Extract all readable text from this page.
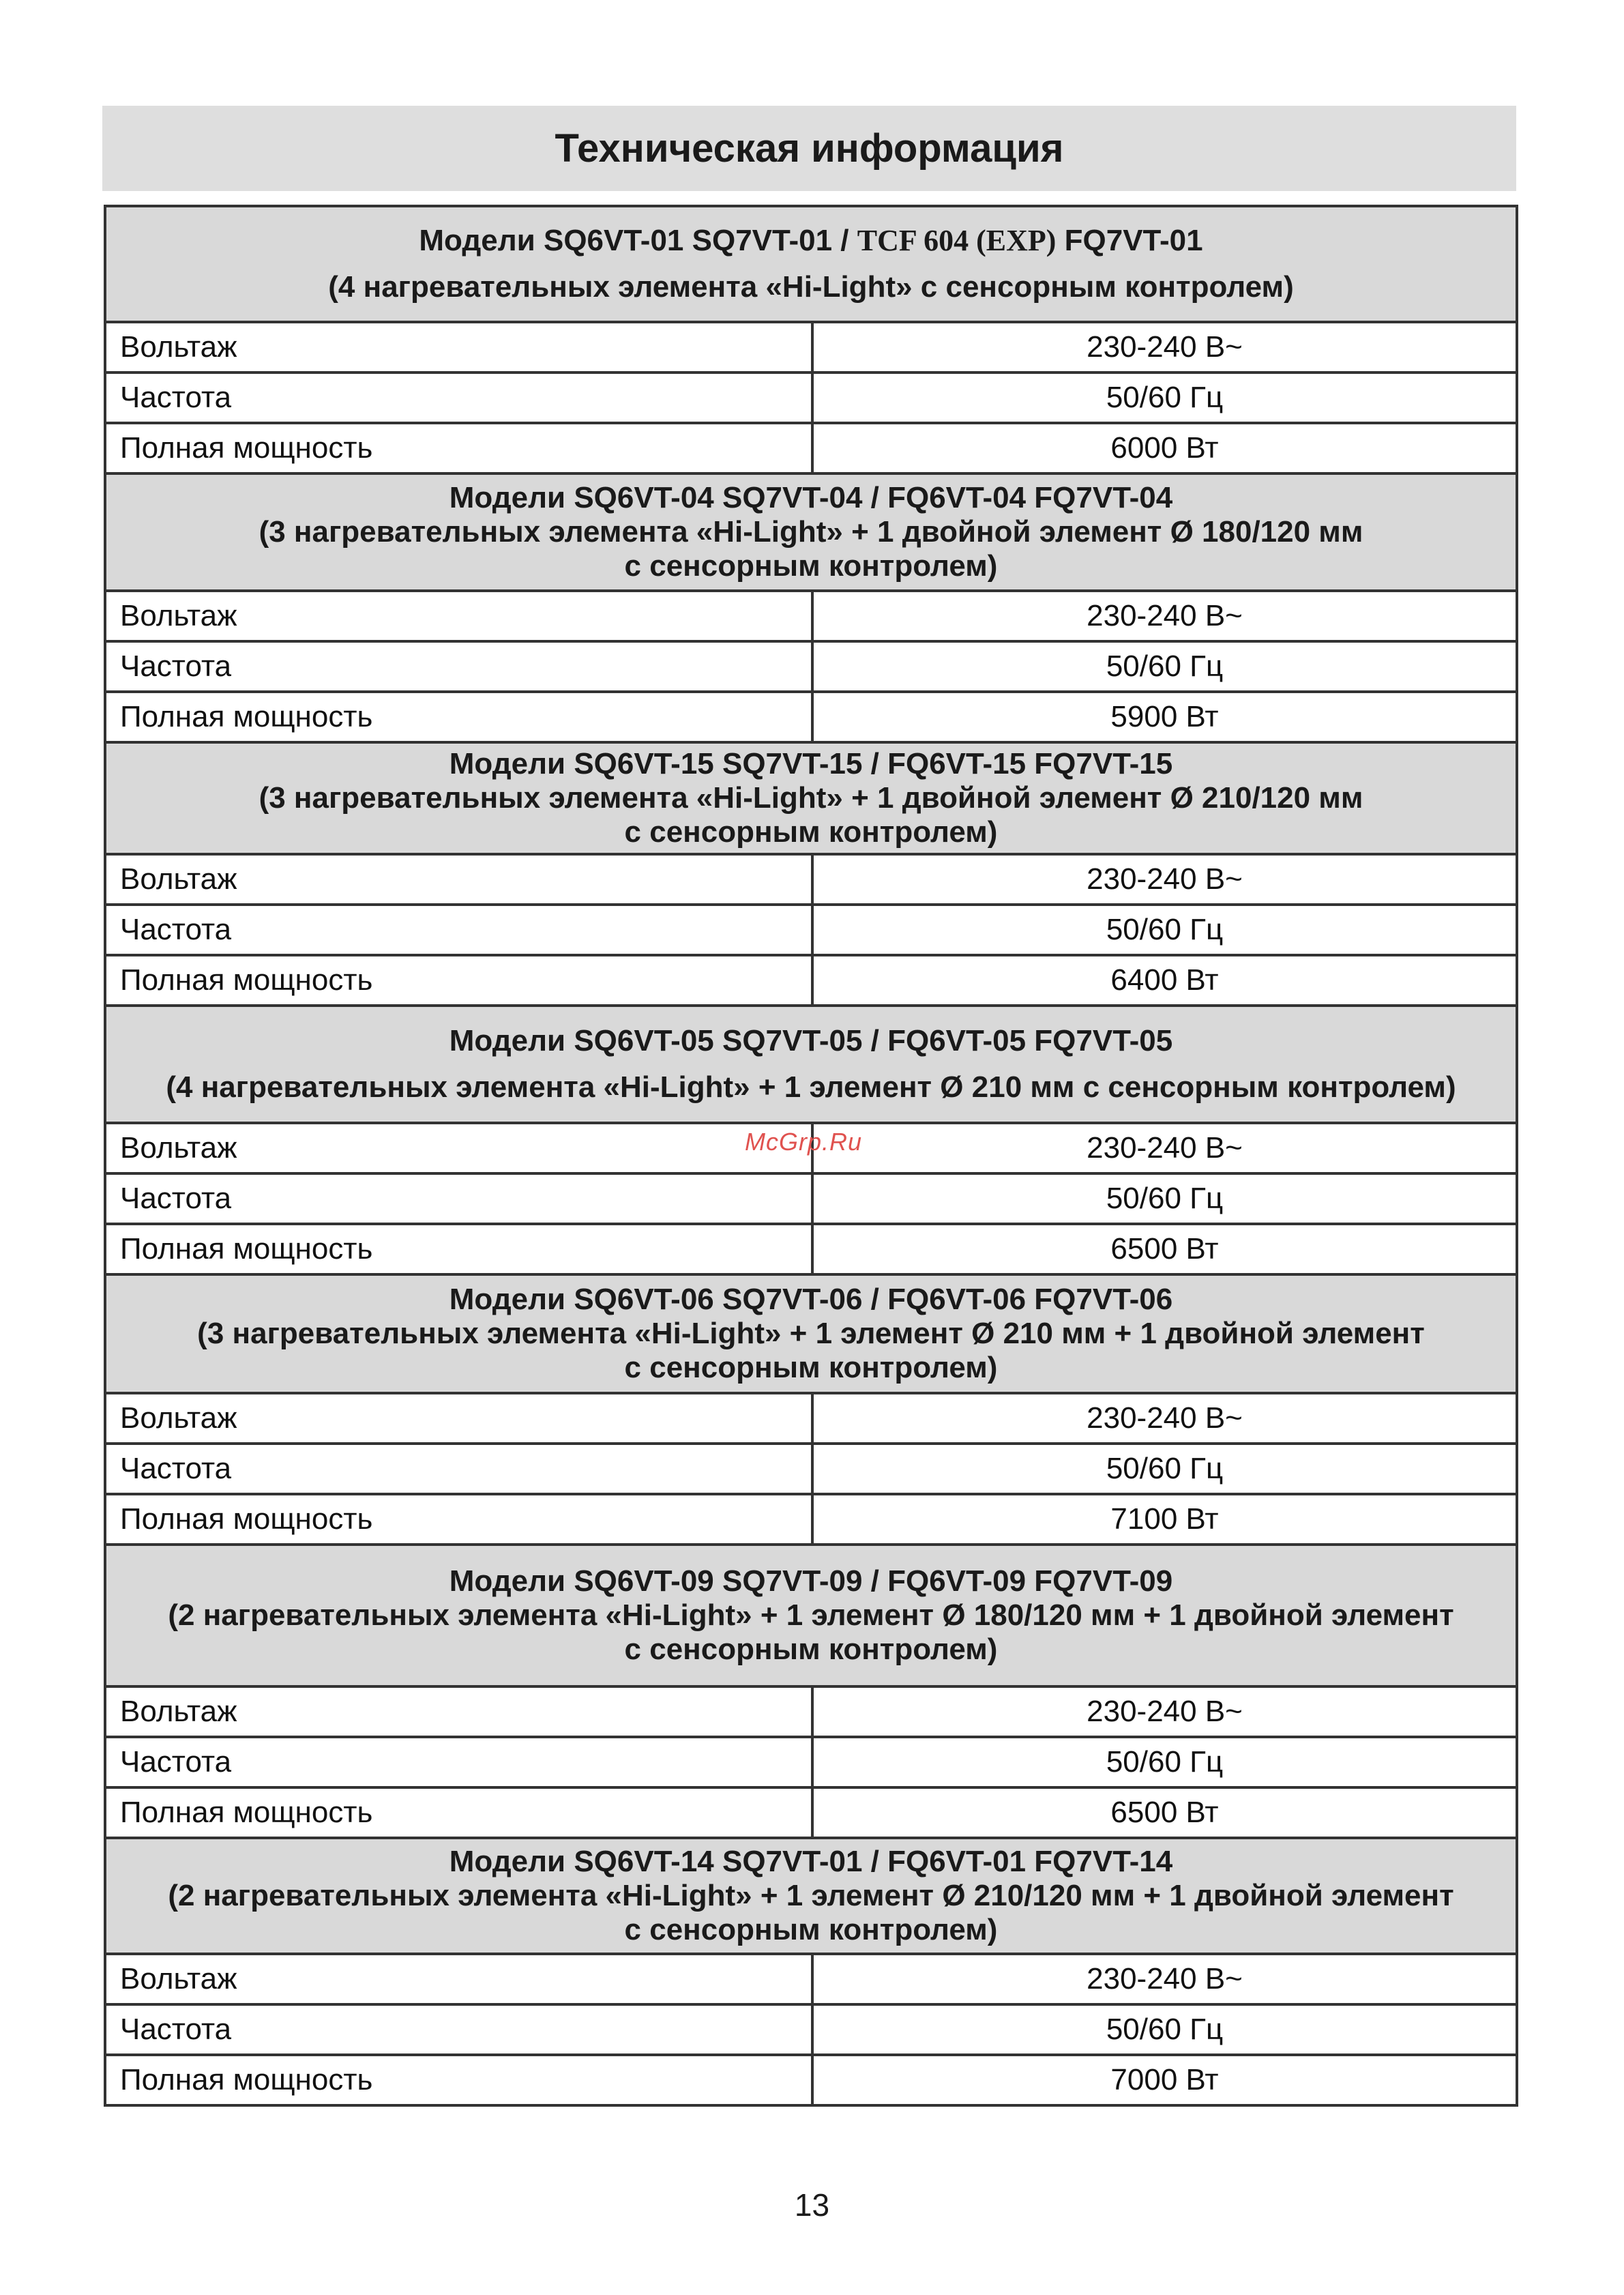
Техническая информация
Модели SQ6VT-01 SQ7VT-01 / TCF 604 (EXP) FQ7VT-01
(4 нагревательных элемента «Hi-Light» с сенсорным контролем)	

Вольтаж	230-240 В~
Частота	50/60 Гц
Полная мощность	6000 Вт

Модели SQ6VT-04 SQ7VT-04 / FQ6VT-04 FQ7VT-04
(3 нагревательных элемента «Hi-Light» + 1 двойной элемент Ø 180/120 мм
с сенсорным контролем)	

Вольтаж	230-240 В~
Частота	50/60 Гц
Полная мощность	5900 Вт

Модели SQ6VT-15 SQ7VT-15 / FQ6VT-15 FQ7VT-15
(3 нагревательных элемента «Hi-Light» + 1 двойной элемент Ø 210/120 мм
с сенсорным контролем)	

Вольтаж	230-240 В~
Частота	50/60 Гц
Полная мощность	6400 Вт

Модели SQ6VT-05 SQ7VT-05 / FQ6VT-05 FQ7VT-05
(4 нагревательных элемента «Hi-Light» + 1 элемент Ø 210 мм с сенсорным контролем)	

Вольтаж	230-240 В~
Частота	50/60 Гц
Полная мощность	6500 Вт

Модели SQ6VT-06 SQ7VT-06 / FQ6VT-06 FQ7VT-06
(3 нагревательных элемента «Hi-Light» + 1 элемент Ø 210 мм + 1 двойной элемент
с сенсорным контролем)	

Вольтаж	230-240 В~
Частота	50/60 Гц
Полная мощность	7100 Вт

Модели SQ6VT-09 SQ7VT-09 / FQ6VT-09 FQ7VT-09
(2 нагревательных элемента «Hi-Light» + 1 элемент Ø 180/120 мм + 1 двойной элемент
с сенсорным контролем)	

Вольтаж	230-240 В~
Частота	50/60 Гц
Полная мощность	6500 Вт

Модели SQ6VT-14 SQ7VT-01 / FQ6VT-01 FQ7VT-14
(2 нагревательных элемента «Hi-Light» + 1 элемент Ø 210/120 мм + 1 двойной элемент
с сенсорным контролем)	

Вольтаж	230-240 В~
Частота	50/60 Гц
Полная мощность	7000 Вт
McGrp.Ru
13
